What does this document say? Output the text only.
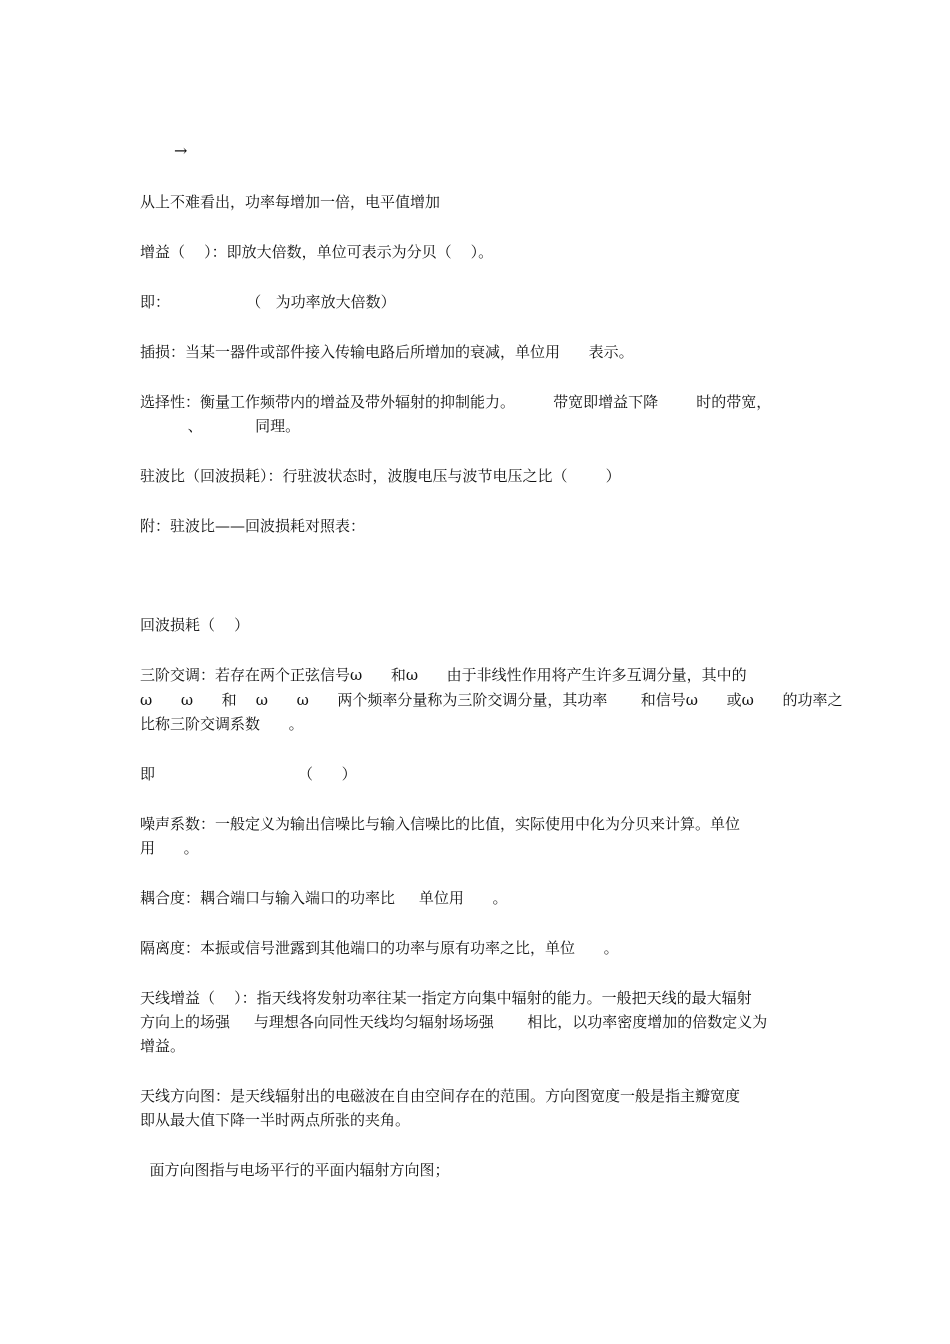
→

从上不难看出，功率每增加一倍，电平值增加

增益（    ）：即放大倍数，单位可表示为分贝（    ）。

即：                （   为功率放大倍数）

插损：当某一器件或部件接入传输电路后所增加的衰减，单位用      表示。

选择性：衡量工作频带内的增益及带外辐射的抑制能力。        带宽即增益下降        时的带宽，

、           同理。

驻波比（回波损耗）：行驻波状态时，波腹电压与波节电压之比（        ）

附：驻波比——回波损耗对照表：

回波损耗（    ）

三阶交调：若存在两个正弦信号ω      和ω      由于非线性作用将产生许多互调分量，其中的

ω      ω      和    ω      ω      两个频率分量称为三阶交调分量，其功率       和信号ω      或ω      的功率之

比称三阶交调系数      。

即                              （      ）

噪声系数：一般定义为输出信噪比与输入信噪比的比值，实际使用中化为分贝来计算。单位

用      。

耦合度：耦合端口与输入端口的功率比     单位用      。

隔离度：本振或信号泄露到其他端口的功率与原有功率之比，单位      。

天线增益（    ）：指天线将发射功率往某一指定方向集中辐射的能力。一般把天线的最大辐射

方向上的场强     与理想各向同性天线均匀辐射场场强       相比，以功率密度增加的倍数定义为

增益。

天线方向图：是天线辐射出的电磁波在自由空间存在的范围。方向图宽度一般是指主瓣宽度

即从最大值下降一半时两点所张的夹角。

面方向图指与电场平行的平面内辐射方向图；
